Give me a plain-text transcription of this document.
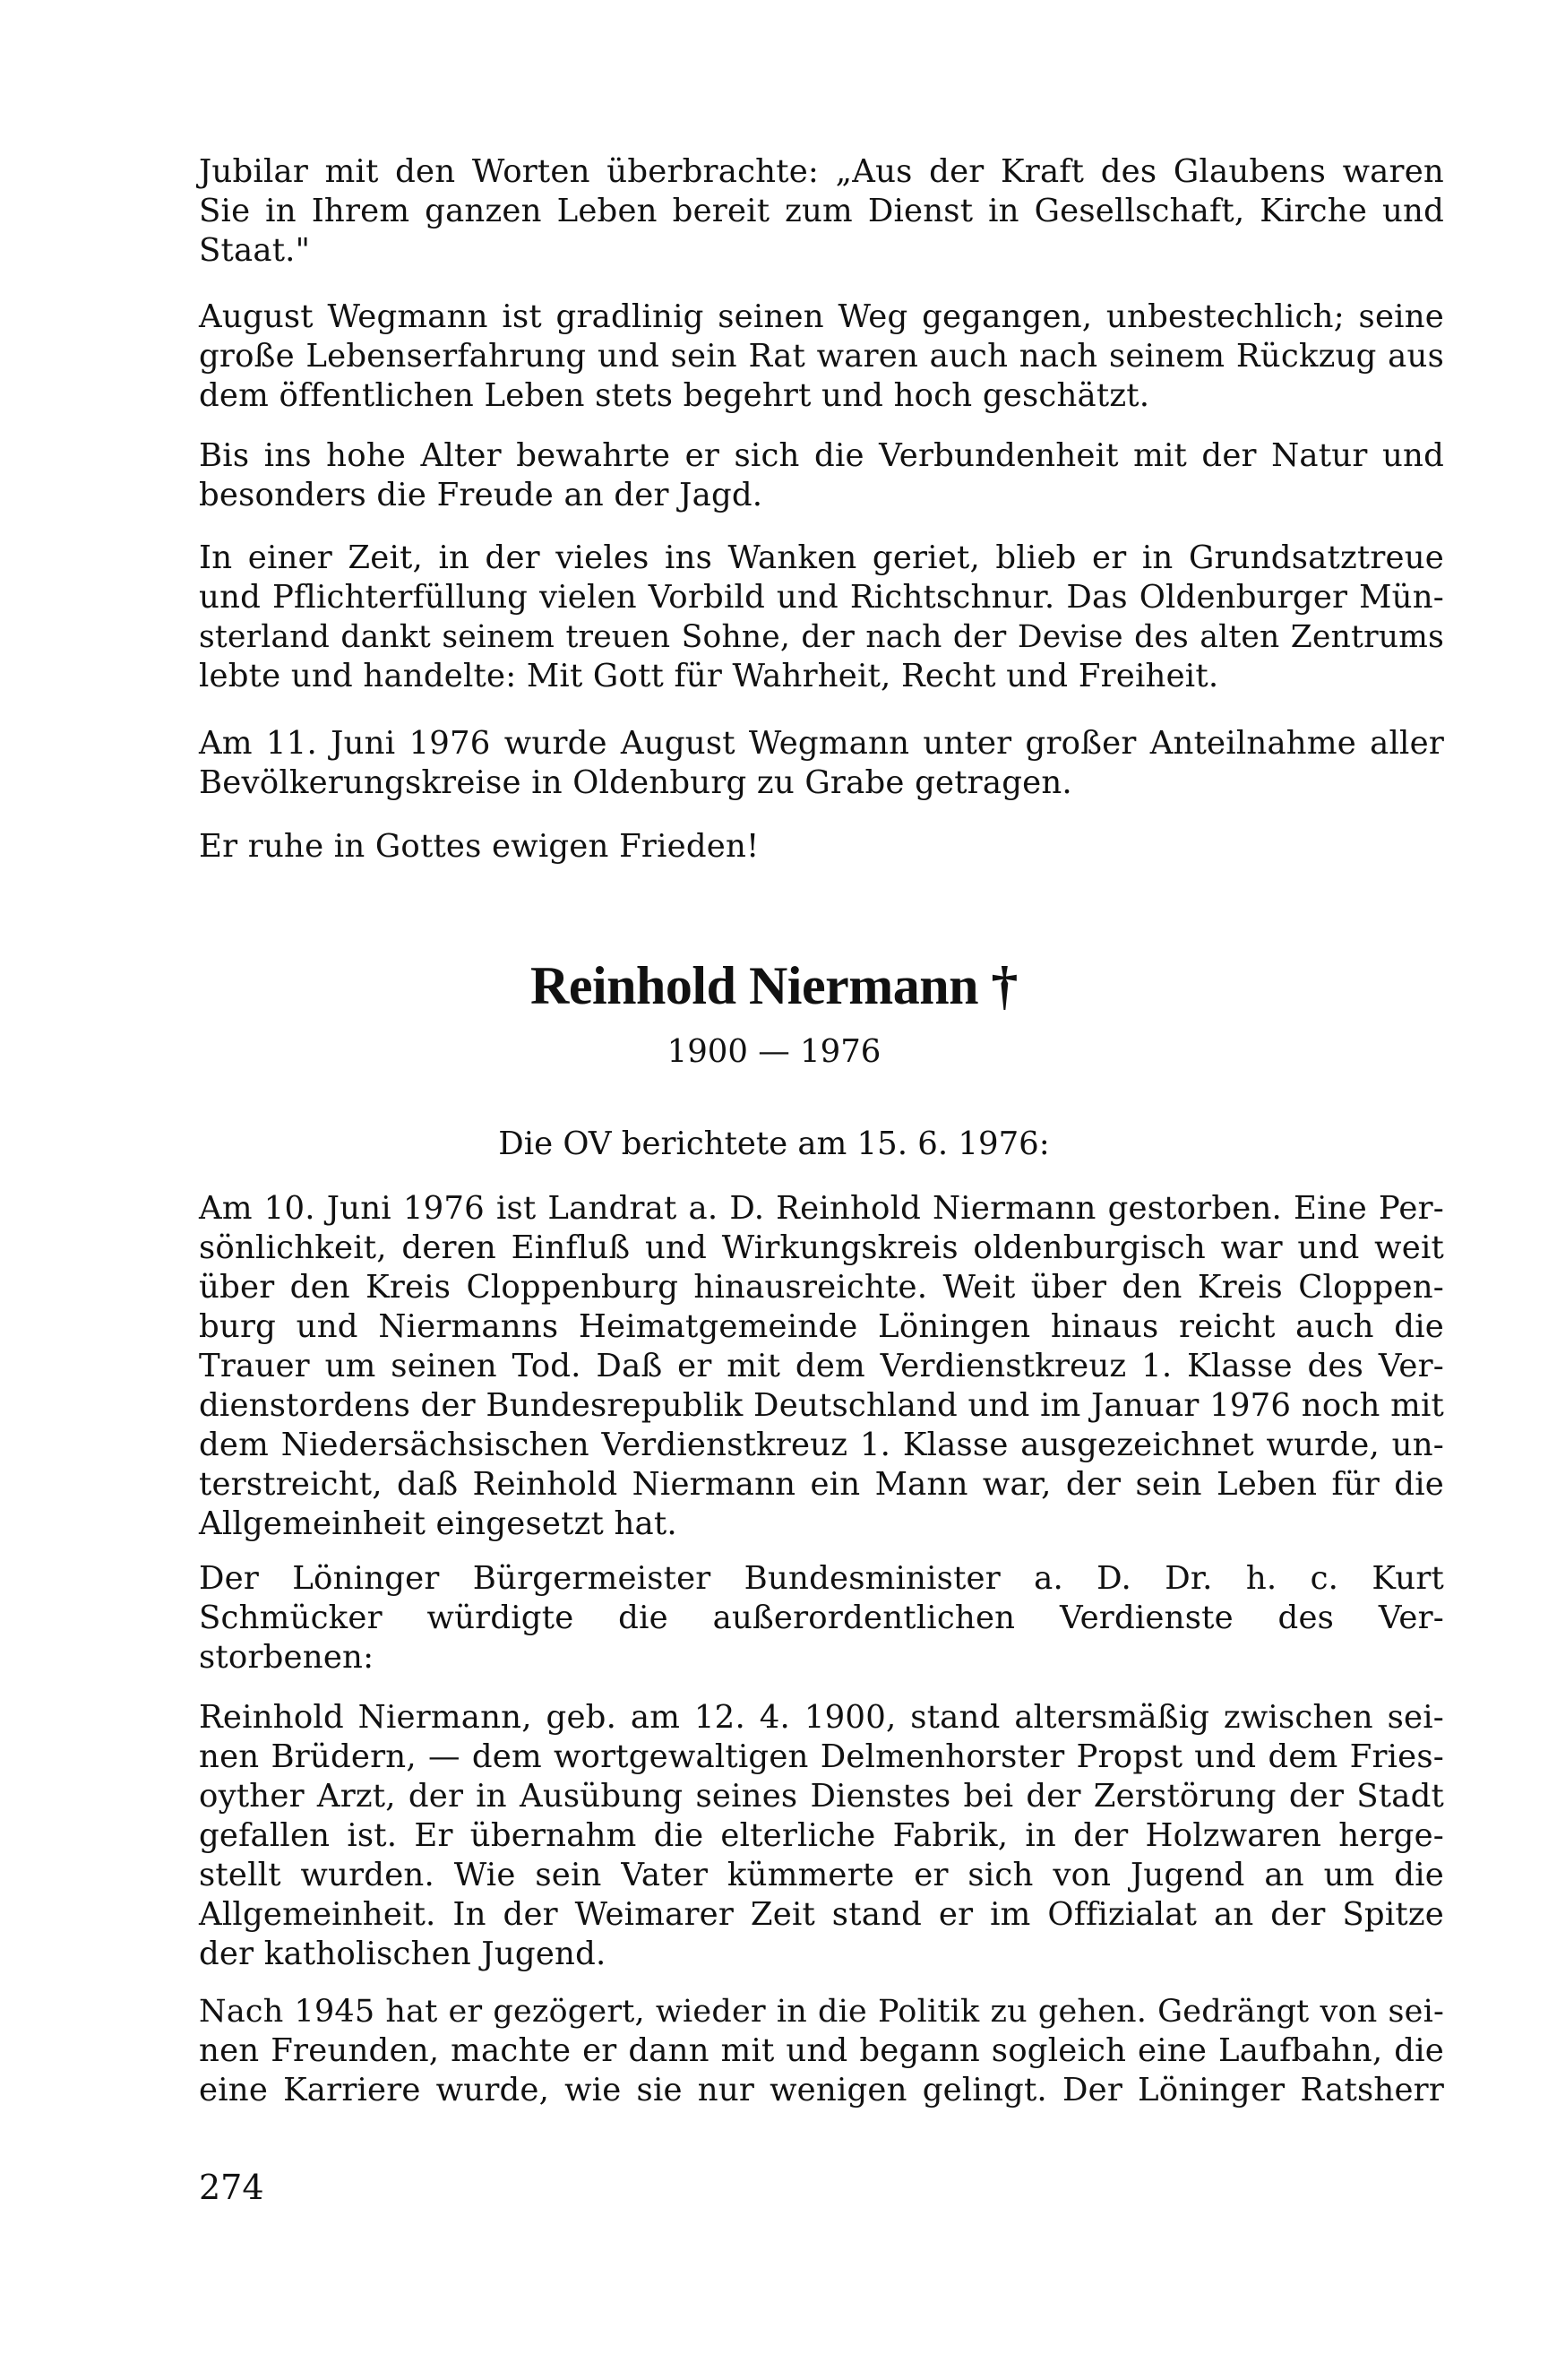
Jubilar mit den Worten überbrachte: „Aus der Kraft des Glaubens waren
Sie in Ihrem ganzen Leben bereit zum Dienst in Gesellschaft, Kirche und
Staat."
August Wegmann ist gradlinig seinen Weg gegangen, unbestechlich; seine
große Lebenserfahrung und sein Rat waren auch nach seinem Rückzug aus
dem öffentlichen Leben stets begehrt und hoch geschätzt.
Bis ins hohe Alter bewahrte er sich die Verbundenheit mit der Natur und
besonders die Freude an der Jagd.
In einer Zeit, in der vieles ins Wanken geriet, blieb er in Grundsatztreue
und Pflichterfüllung vielen Vorbild und Richtschnur. Das Oldenburger Mün-
sterland dankt seinem treuen Sohne, der nach der Devise des alten Zentrums
lebte und handelte: Mit Gott für Wahrheit, Recht und Freiheit.
Am 11. Juni 1976 wurde August Wegmann unter großer Anteilnahme aller
Bevölkerungskreise in Oldenburg zu Grabe getragen.
Er ruhe in Gottes ewigen Frieden!
Reinhold Niermann †
1900 — 1976
Die OV berichtete am 15. 6. 1976:
Am 10. Juni 1976 ist Landrat a. D. Reinhold Niermann gestorben. Eine Per-
sönlichkeit, deren Einfluß und Wirkungskreis oldenburgisch war und weit
über den Kreis Cloppenburg hinausreichte. Weit über den Kreis Cloppen-
burg und Niermanns Heimatgemeinde Löningen hinaus reicht auch die
Trauer um seinen Tod. Daß er mit dem Verdienstkreuz 1. Klasse des Ver-
dienstordens der Bundesrepublik Deutschland und im Januar 1976 noch mit
dem Niedersächsischen Verdienstkreuz 1. Klasse ausgezeichnet wurde, un-
terstreicht, daß Reinhold Niermann ein Mann war, der sein Leben für die
Allgemeinheit eingesetzt hat.
Der Löninger Bürgermeister Bundesminister a. D. Dr. h. c. Kurt
Schmücker würdigte die außerordentlichen Verdienste des Ver-
storbenen:
Reinhold Niermann, geb. am 12. 4. 1900, stand altersmäßig zwischen sei-
nen Brüdern, — dem wortgewaltigen Delmenhorster Propst und dem Fries-
oyther Arzt, der in Ausübung seines Dienstes bei der Zerstörung der Stadt
gefallen ist. Er übernahm die elterliche Fabrik, in der Holzwaren herge-
stellt wurden. Wie sein Vater kümmerte er sich von Jugend an um die
Allgemeinheit. In der Weimarer Zeit stand er im Offizialat an der Spitze
der katholischen Jugend.
Nach 1945 hat er gezögert, wieder in die Politik zu gehen. Gedrängt von sei-
nen Freunden, machte er dann mit und begann sogleich eine Laufbahn, die
eine Karriere wurde, wie sie nur wenigen gelingt. Der Löninger Ratsherr
274
